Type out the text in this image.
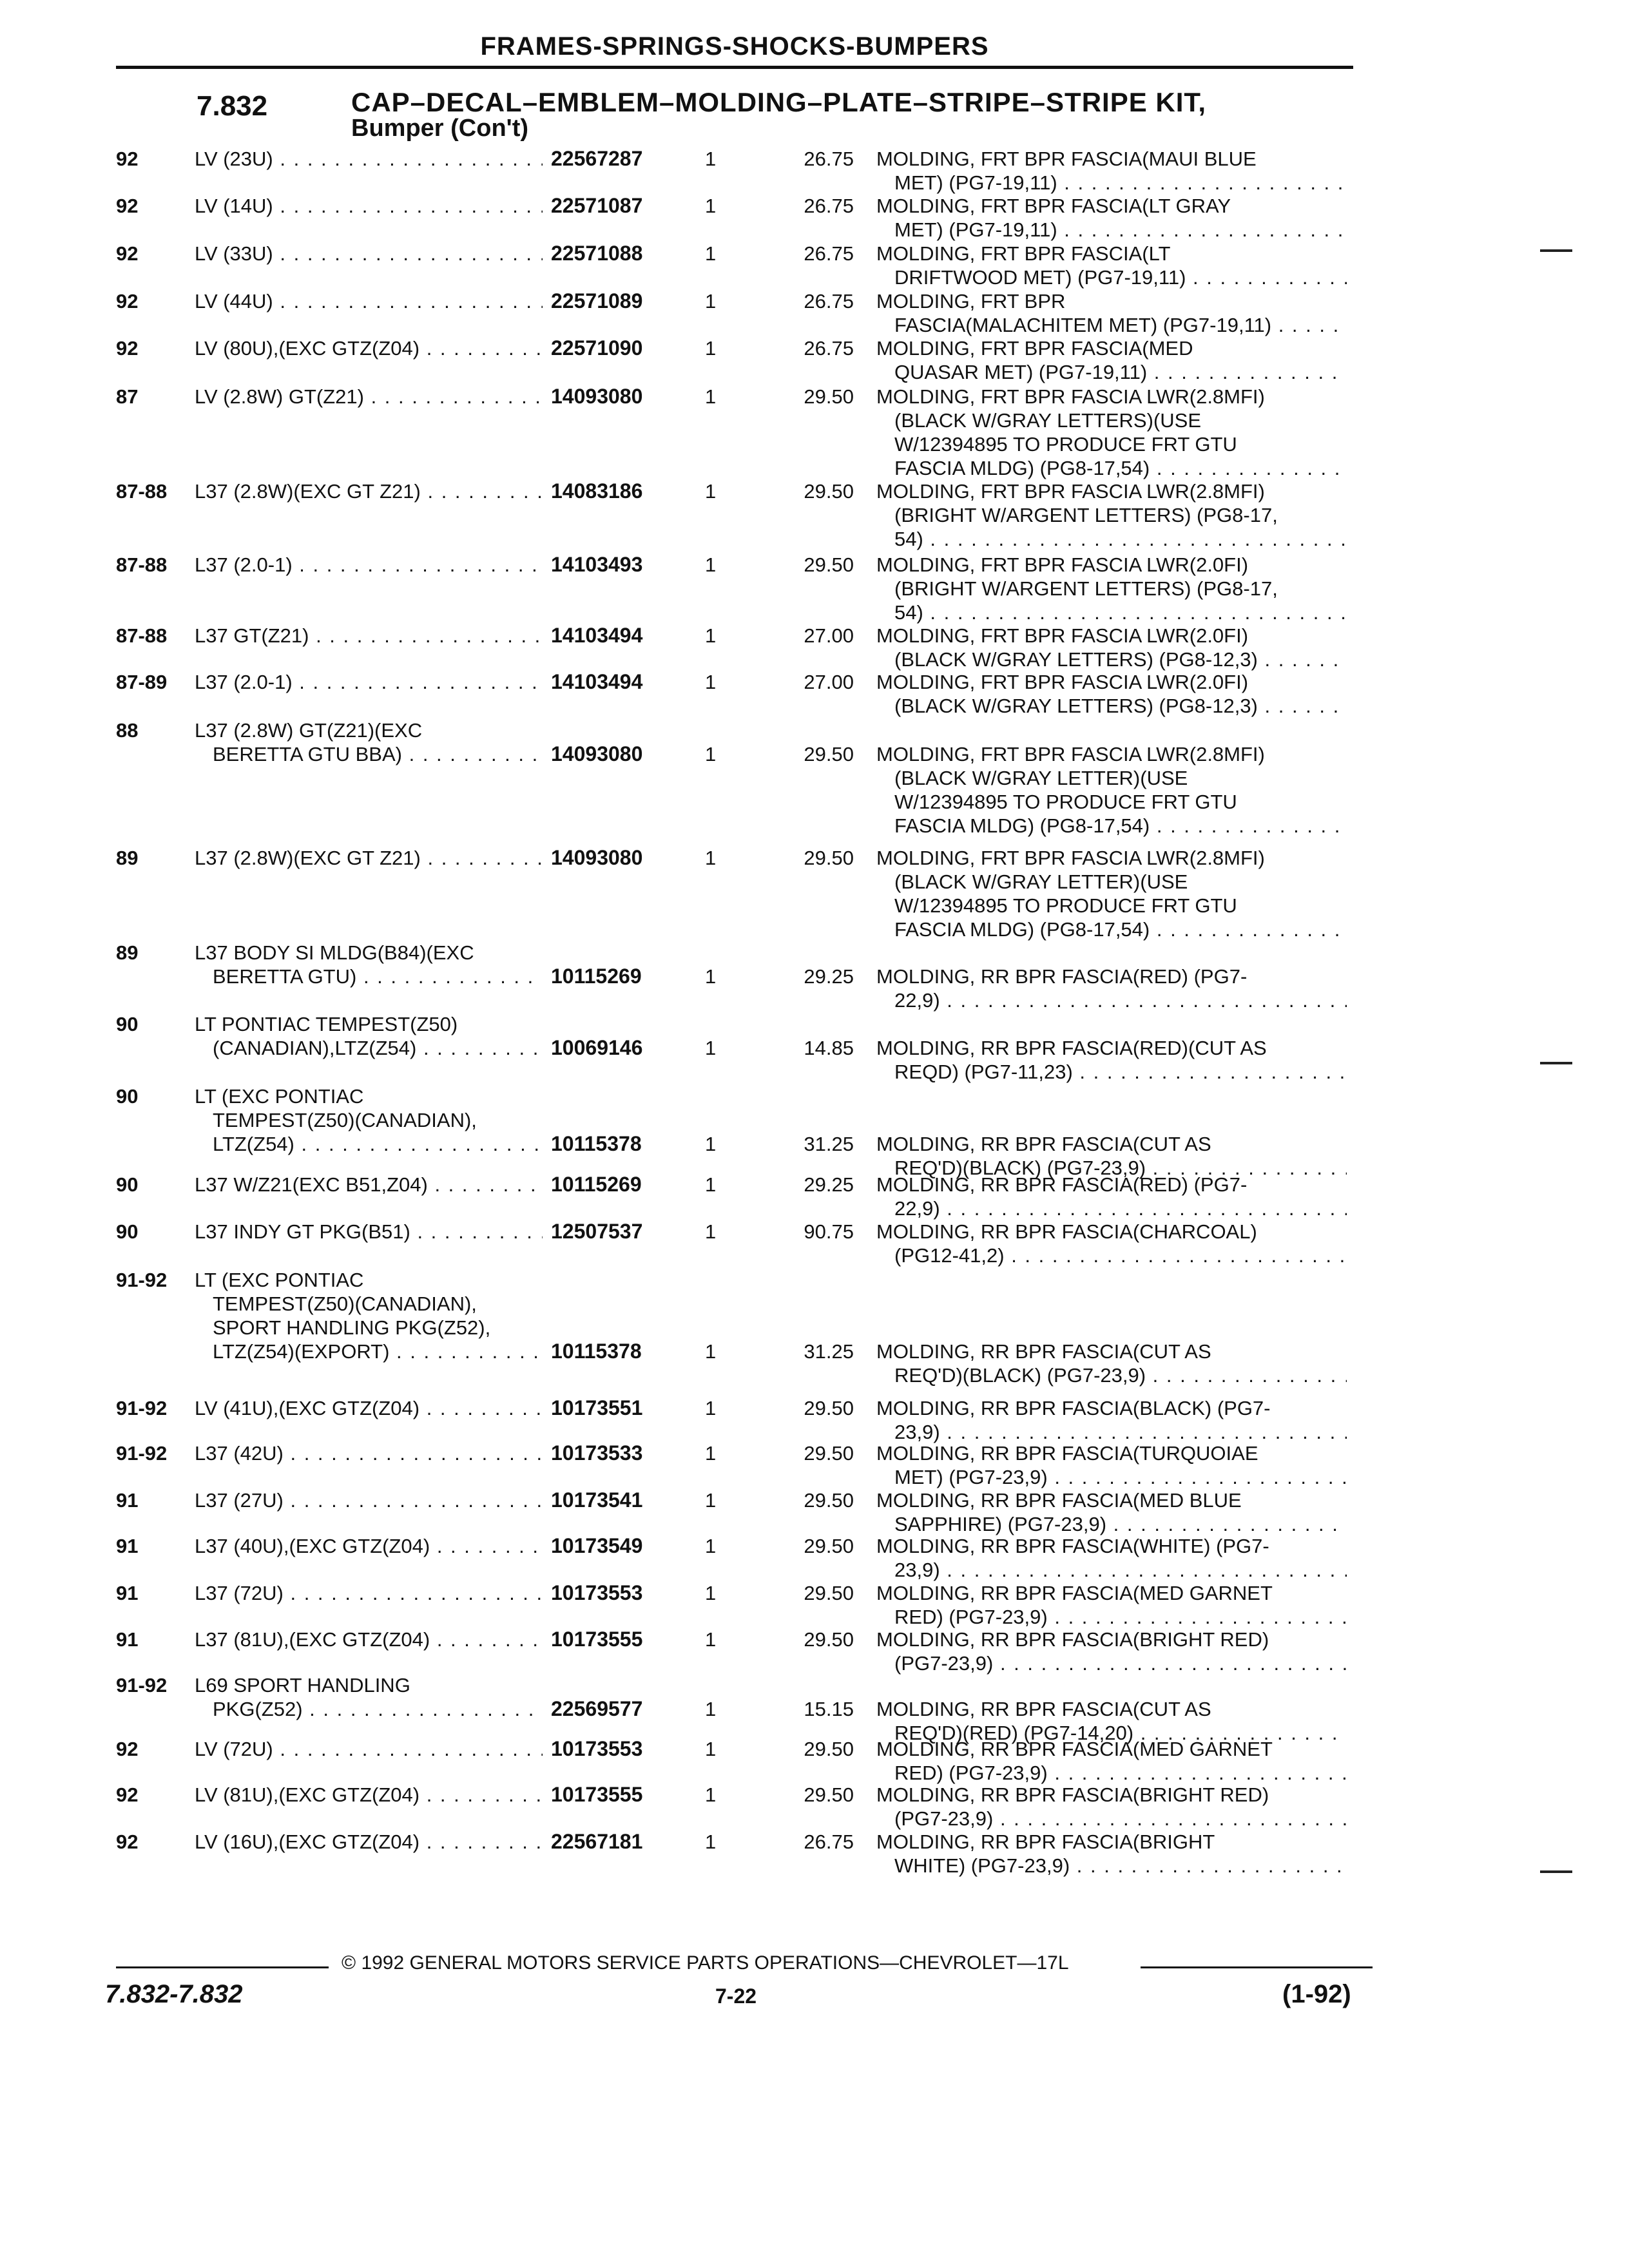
FRAMES-SPRINGS-SHOCKS-BUMPERS
7.832	CAP–DECAL–EMBLEM–MOLDING–PLATE–STRIPE–STRIPE KIT,
Bumper (Con't)
92	LV (23U) . . .	22567287	1	26.75 MOLDING, FRT BPR FASCIA(MAUI BLUE
MET) (PG7-19,11) . . .
92	LV (14U) . . .	22571087	1	26.75 MOLDING, FRT BPR FASCIA(LT GRAY
MET) (PG7-19,11) . . .
92	LV (33U) . . .	22571088	1	26.75 MOLDING, FRT BPR FASCIA(LT
DRIFTWOOD MET) (PG7-19,11) . . .
92	LV (44U) . . .	22571089	1	26.75 MOLDING, FRT BPR
FASCIA(MALACHITEM MET) (PG7-19,11) . . .
92	LV (80U),(EXC GTZ(Z04) . . .	22571090	1	26.75 MOLDING, FRT BPR FASCIA(MED
QUASAR MET) (PG7-19,11) . . .
87	LV (2.8W) GT(Z21) . . .	14093080	1	29.50 MOLDING, FRT BPR FASCIA LWR(2.8MFI)
(BLACK W/GRAY LETTERS)(USE
W/12394895 TO PRODUCE FRT GTU
FASCIA MLDG) (PG8-17,54) . . .
87-88 L37 (2.8W)(EXC GT Z21) . . .	14083186	1	29.50 MOLDING, FRT BPR FASCIA LWR(2.8MFI)
(BRIGHT W/ARGENT LETTERS) (PG8-17,
54) . . .
87-88 L37 (2.0-1) . . .	14103493	1	29.50 MOLDING, FRT BPR FASCIA LWR(2.0FI)
(BRIGHT W/ARGENT LETTERS) (PG8-17,
54) . . .
87-88 L37 GT(Z21) . . .	14103494	1	27.00 MOLDING, FRT BPR FASCIA LWR(2.0FI)
(BLACK W/GRAY LETTERS) (PG8-12,3) . . .
87-89 L37 (2.0-1) . . .	14103494	1	27.00 MOLDING, FRT BPR FASCIA LWR(2.0FI)
(BLACK W/GRAY LETTERS) (PG8-12,3) . . .
88	L37 (2.8W) GT(Z21)(EXC
BERETTA GTU BBA) . . .	14093080	1	29.50 MOLDING, FRT BPR FASCIA LWR(2.8MFI)
(BLACK W/GRAY LETTER)(USE
W/12394895 TO PRODUCE FRT GTU
FASCIA MLDG) (PG8-17,54) . . .
89	L37 (2.8W)(EXC GT Z21) . . .	14093080	1	29.50 MOLDING, FRT BPR FASCIA LWR(2.8MFI)
(BLACK W/GRAY LETTER)(USE
W/12394895 TO PRODUCE FRT GTU
FASCIA MLDG) (PG8-17,54) . . .
89	L37 BODY SI MLDG(B84)(EXC
BERETTA GTU) . . .	10115269	1	29.25 MOLDING, RR BPR FASCIA(RED) (PG7-
22,9) . . .
90	LT PONTIAC TEMPEST(Z50)
(CANADIAN),LTZ(Z54) . . .	10069146	1	14.85 MOLDING, RR BPR FASCIA(RED)(CUT AS
REQD) (PG7-11,23) . . .
90	LT (EXC PONTIAC
TEMPEST(Z50)(CANADIAN),
LTZ(Z54) . . .	10115378	1	31.25 MOLDING, RR BPR FASCIA(CUT AS
REQ'D)(BLACK) (PG7-23,9) . . .
90	L37 W/Z21(EXC B51,Z04) . . .	10115269	1	29.25 MOLDING, RR BPR FASCIA(RED) (PG7-
22,9) . . .
90	L37 INDY GT PKG(B51) . . .	12507537	1	90.75 MOLDING, RR BPR FASCIA(CHARCOAL)
(PG12-41,2) . . .
91-92 LT (EXC PONTIAC
TEMPEST(Z50)(CANADIAN),
SPORT HANDLING PKG(Z52),
LTZ(Z54)(EXPORT) . . .	10115378	1	31.25 MOLDING, RR BPR FASCIA(CUT AS
REQ'D)(BLACK) (PG7-23,9) . . .
91-92 LV (41U),(EXC GTZ(Z04) . . .	10173551	1	29.50 MOLDING, RR BPR FASCIA(BLACK) (PG7-
23,9) . . .
91-92 L37 (42U) . . .	10173533	1	29.50 MOLDING, RR BPR FASCIA(TURQUOIAE
MET) (PG7-23,9) . . .
91	L37 (27U) . . .	10173541	1	29.50 MOLDING, RR BPR FASCIA(MED BLUE
SAPPHIRE) (PG7-23,9) . . .
91	L37 (40U),(EXC GTZ(Z04) . . .	10173549	1	29.50 MOLDING, RR BPR FASCIA(WHITE) (PG7-
23,9) . . .
91	L37 (72U) . . .	10173553	1	29.50 MOLDING, RR BPR FASCIA(MED GARNET
RED) (PG7-23,9) . . .
91	L37 (81U),(EXC GTZ(Z04) . . .	10173555	1	29.50 MOLDING, RR BPR FASCIA(BRIGHT RED)
(PG7-23,9) . . .
91-92 L69 SPORT HANDLING
PKG(Z52) . . .	22569577	1	15.15 MOLDING, RR BPR FASCIA(CUT AS
REQ'D)(RED) (PG7-14,20) . . .
92	LV (72U) . . .	10173553	1	29.50 MOLDING, RR BPR FASCIA(MED GARNET
RED) (PG7-23,9) . . .
92	LV (81U),(EXC GTZ(Z04) . . .	10173555	1	29.50 MOLDING, RR BPR FASCIA(BRIGHT RED)
(PG7-23,9) . . .
92	LV (16U),(EXC GTZ(Z04) . . .	22567181	1	26.75 MOLDING, RR BPR FASCIA(BRIGHT
WHITE) (PG7-23,9) . . .
© 1992 GENERAL MOTORS SERVICE PARTS OPERATIONS—CHEVROLET—17L
7.832-7.832	7-22	(1-92)
